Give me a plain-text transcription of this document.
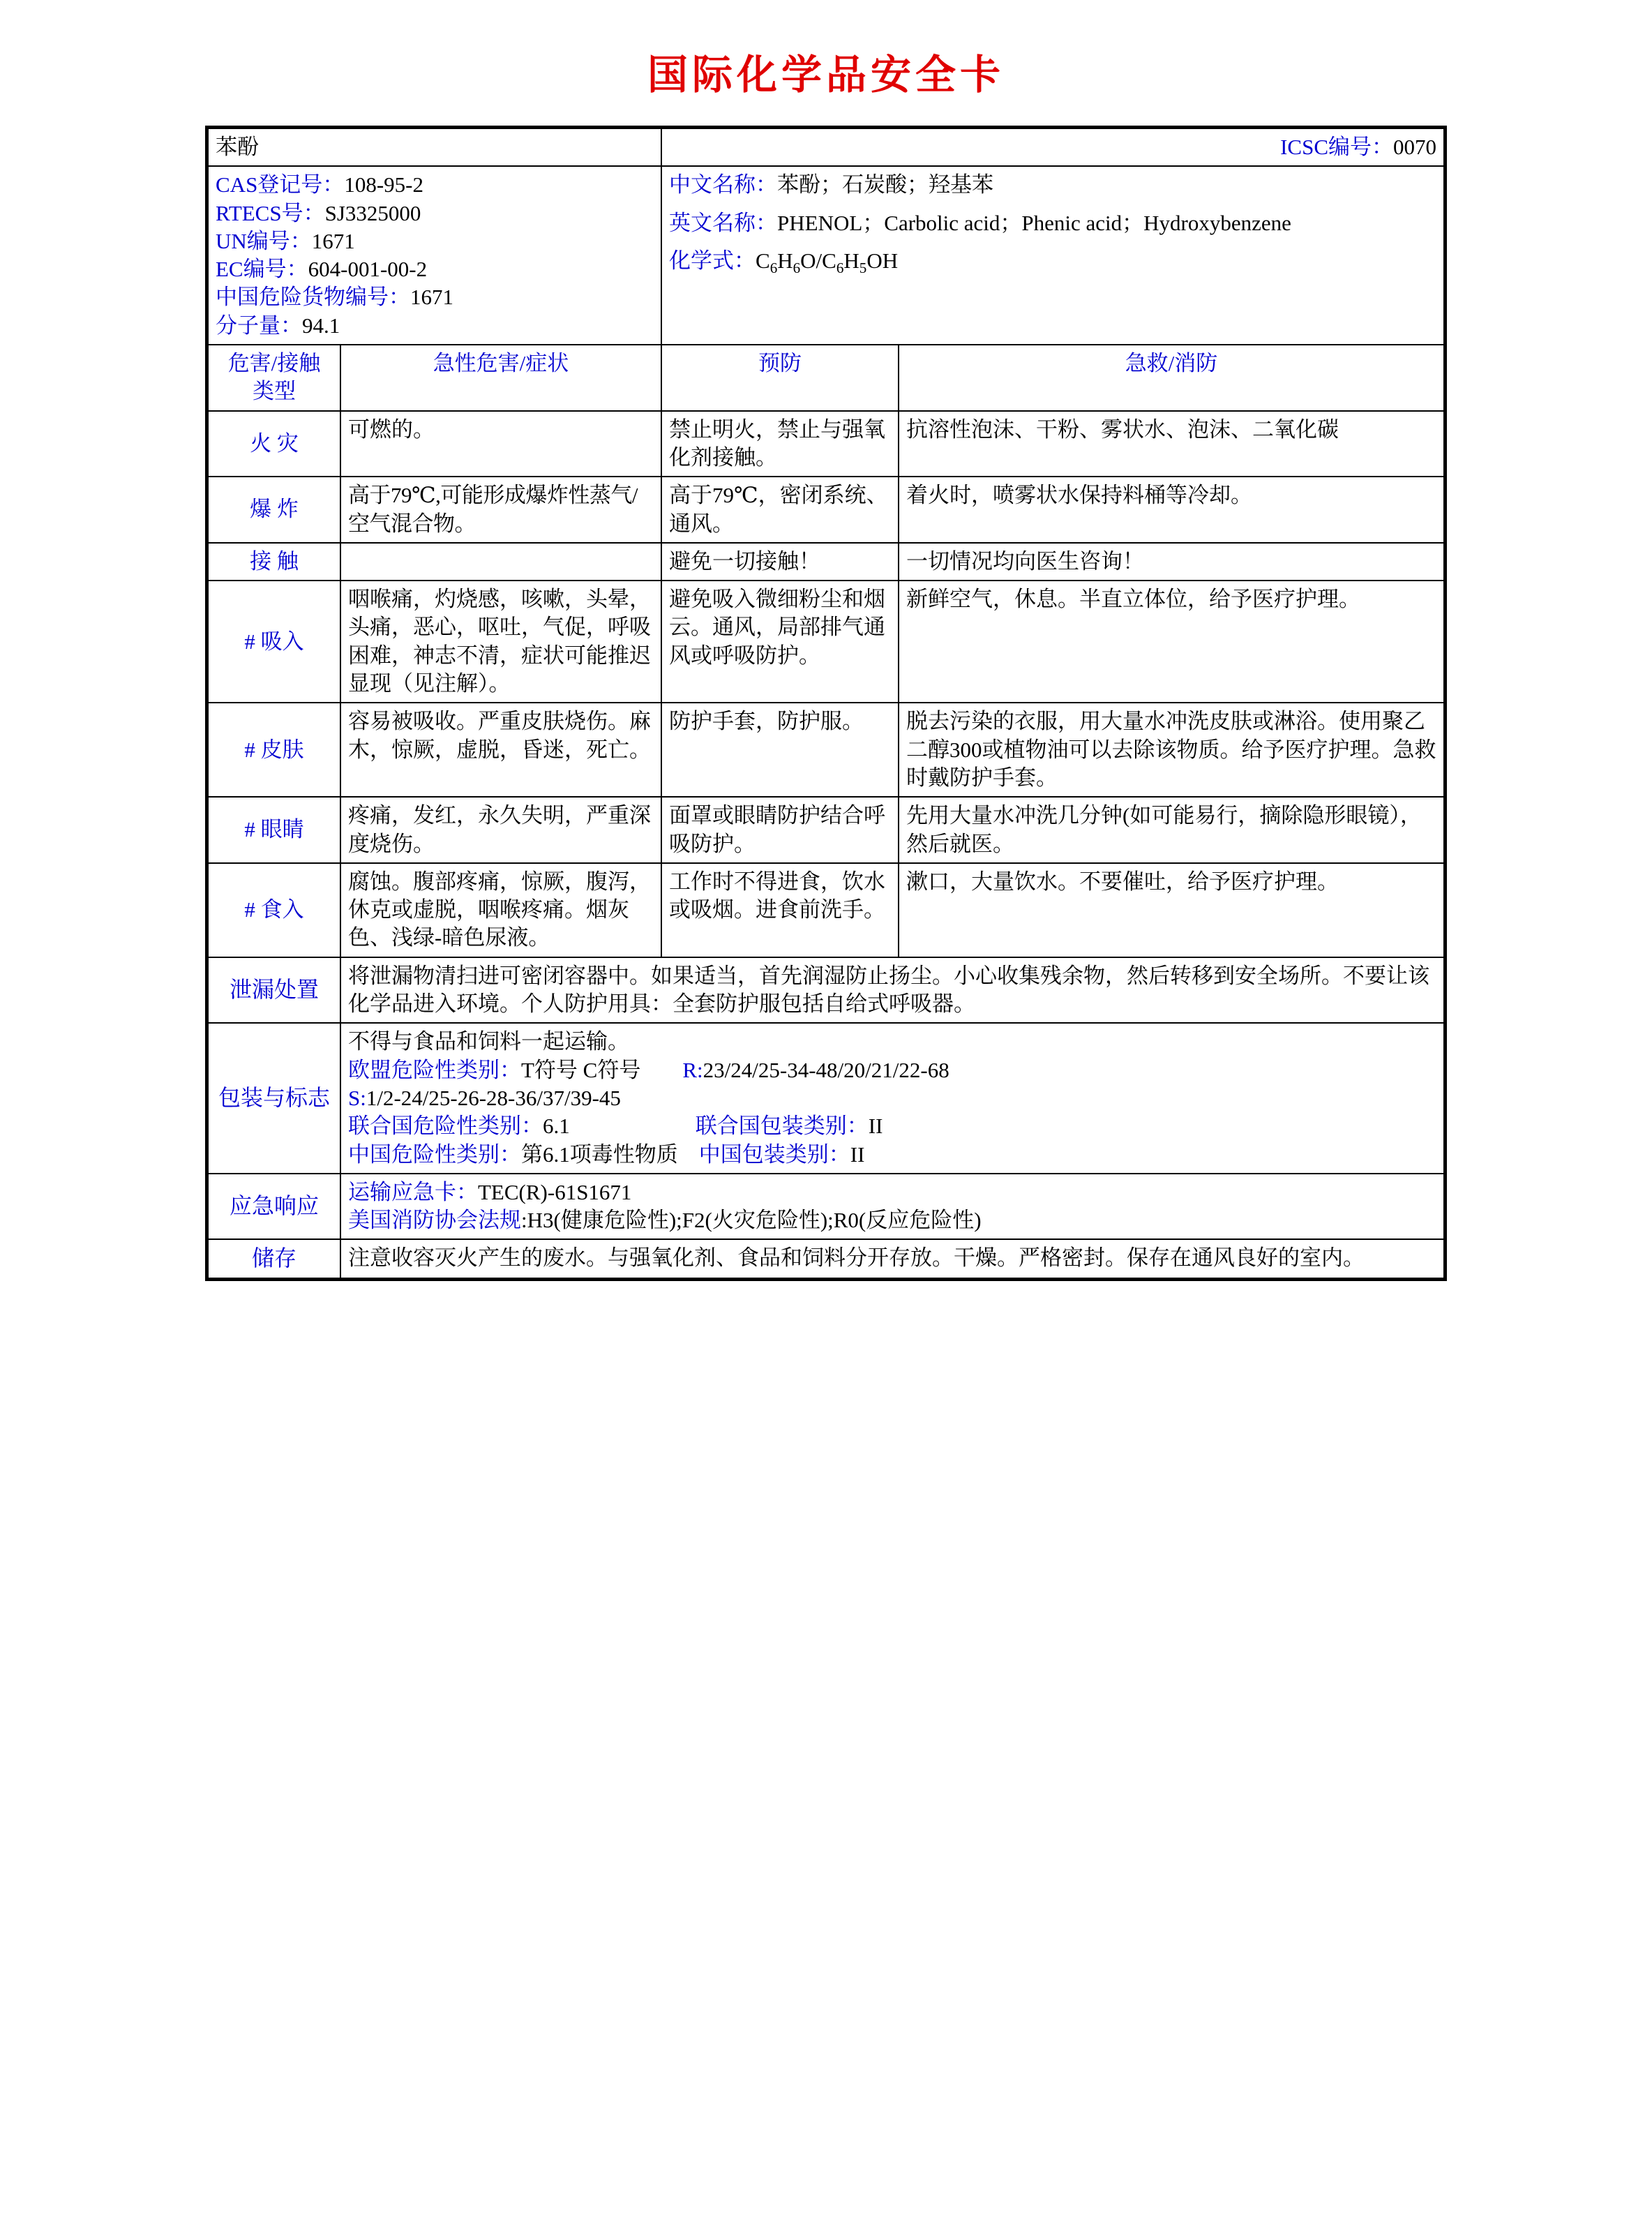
国际化学品安全卡
苯酚		ICSC编号：0070	

CAS登记号：108-95-2
RTECS号：SJ3325000
UN编号：1671
EC编号：604-001-00-2
中国危险货物编号：1671
分子量：94.1

中文名称：苯酚；石炭酸；羟基苯
英文名称：PHENOL；Carbolic acid；Phenic acid；Hydroxybenzene
化学式：$C_6H_6O/C_6H_5OH$

危害/接触
类型	急性危害/症状	预防	急救/消防
火 灾	可燃的。	禁止明火，禁止与强氧化剂接触。	抗溶性泡沫、干粉、雾状水、泡沫、二氧化碳
爆 炸	高于79℃,可能形成爆炸性蒸气/空气混合物。	高于79℃，密闭系统、通风。	着火时，喷雾状水保持料桶等冷却。
接 触		避免一切接触！	一切情况均向医生咨询！
# 吸入	咽喉痛，灼烧感，咳嗽，头晕，头痛，恶心，呕吐，气促，呼吸困难，神志不清，症状可能推迟显现（见注解）。	避免吸入微细粉尘和烟云。通风，局部排气通风或呼吸防护。	新鲜空气，休息。半直立体位，给予医疗护理。
# 皮肤	容易被吸收。严重皮肤烧伤。麻木，惊厥，虚脱，昏迷，死亡。	防护手套，防护服。	脱去污染的衣服，用大量水冲洗皮肤或淋浴。使用聚乙二醇300或植物油可以去除该物质。给予医疗护理。急救时戴防护手套。
# 眼睛	疼痛，发红，永久失明，严重深度烧伤。	面罩或眼睛防护结合呼吸防护。	先用大量水冲洗几分钟(如可能易行，摘除隐形眼镜），然后就医。
# 食入	腐蚀。腹部疼痛，惊厥，腹泻，休克或虚脱，咽喉疼痛。烟灰色、浅绿-暗色尿液。	工作时不得进食，饮水或吸烟。进食前洗手。	漱口，大量饮水。不要催吐，给予医疗护理。
泄漏处置	将泄漏物清扫进可密闭容器中。如果适当，首先润湿防止扬尘。小心收集残余物，然后转移到安全场所。不要让该化学品进入环境。个人防护用具：全套防护服包括自给式呼吸器。		
包装与标志	不得与食品和饲料一起运输。
欧盟危险性类别：T符号 C符号 R:23/24/25-34-48/20/21/22-68
S:1/2-24/25-26-28-36/37/39-45
联合国危险性类别：6.1 联合国包装类别：II
中国危险性类别：第6.1项毒性物质 中国包装类别：II		

应急响应	运输应急卡：TEC(R)-61S1671
美国消防协会法规:H3(健康危险性);F2(火灾危险性);R0(反应危险性)		

储存	注意收容灭火产生的废水。与强氧化剂、食品和饲料分开存放。干燥。严格密封。保存在通风良好的室内。		
